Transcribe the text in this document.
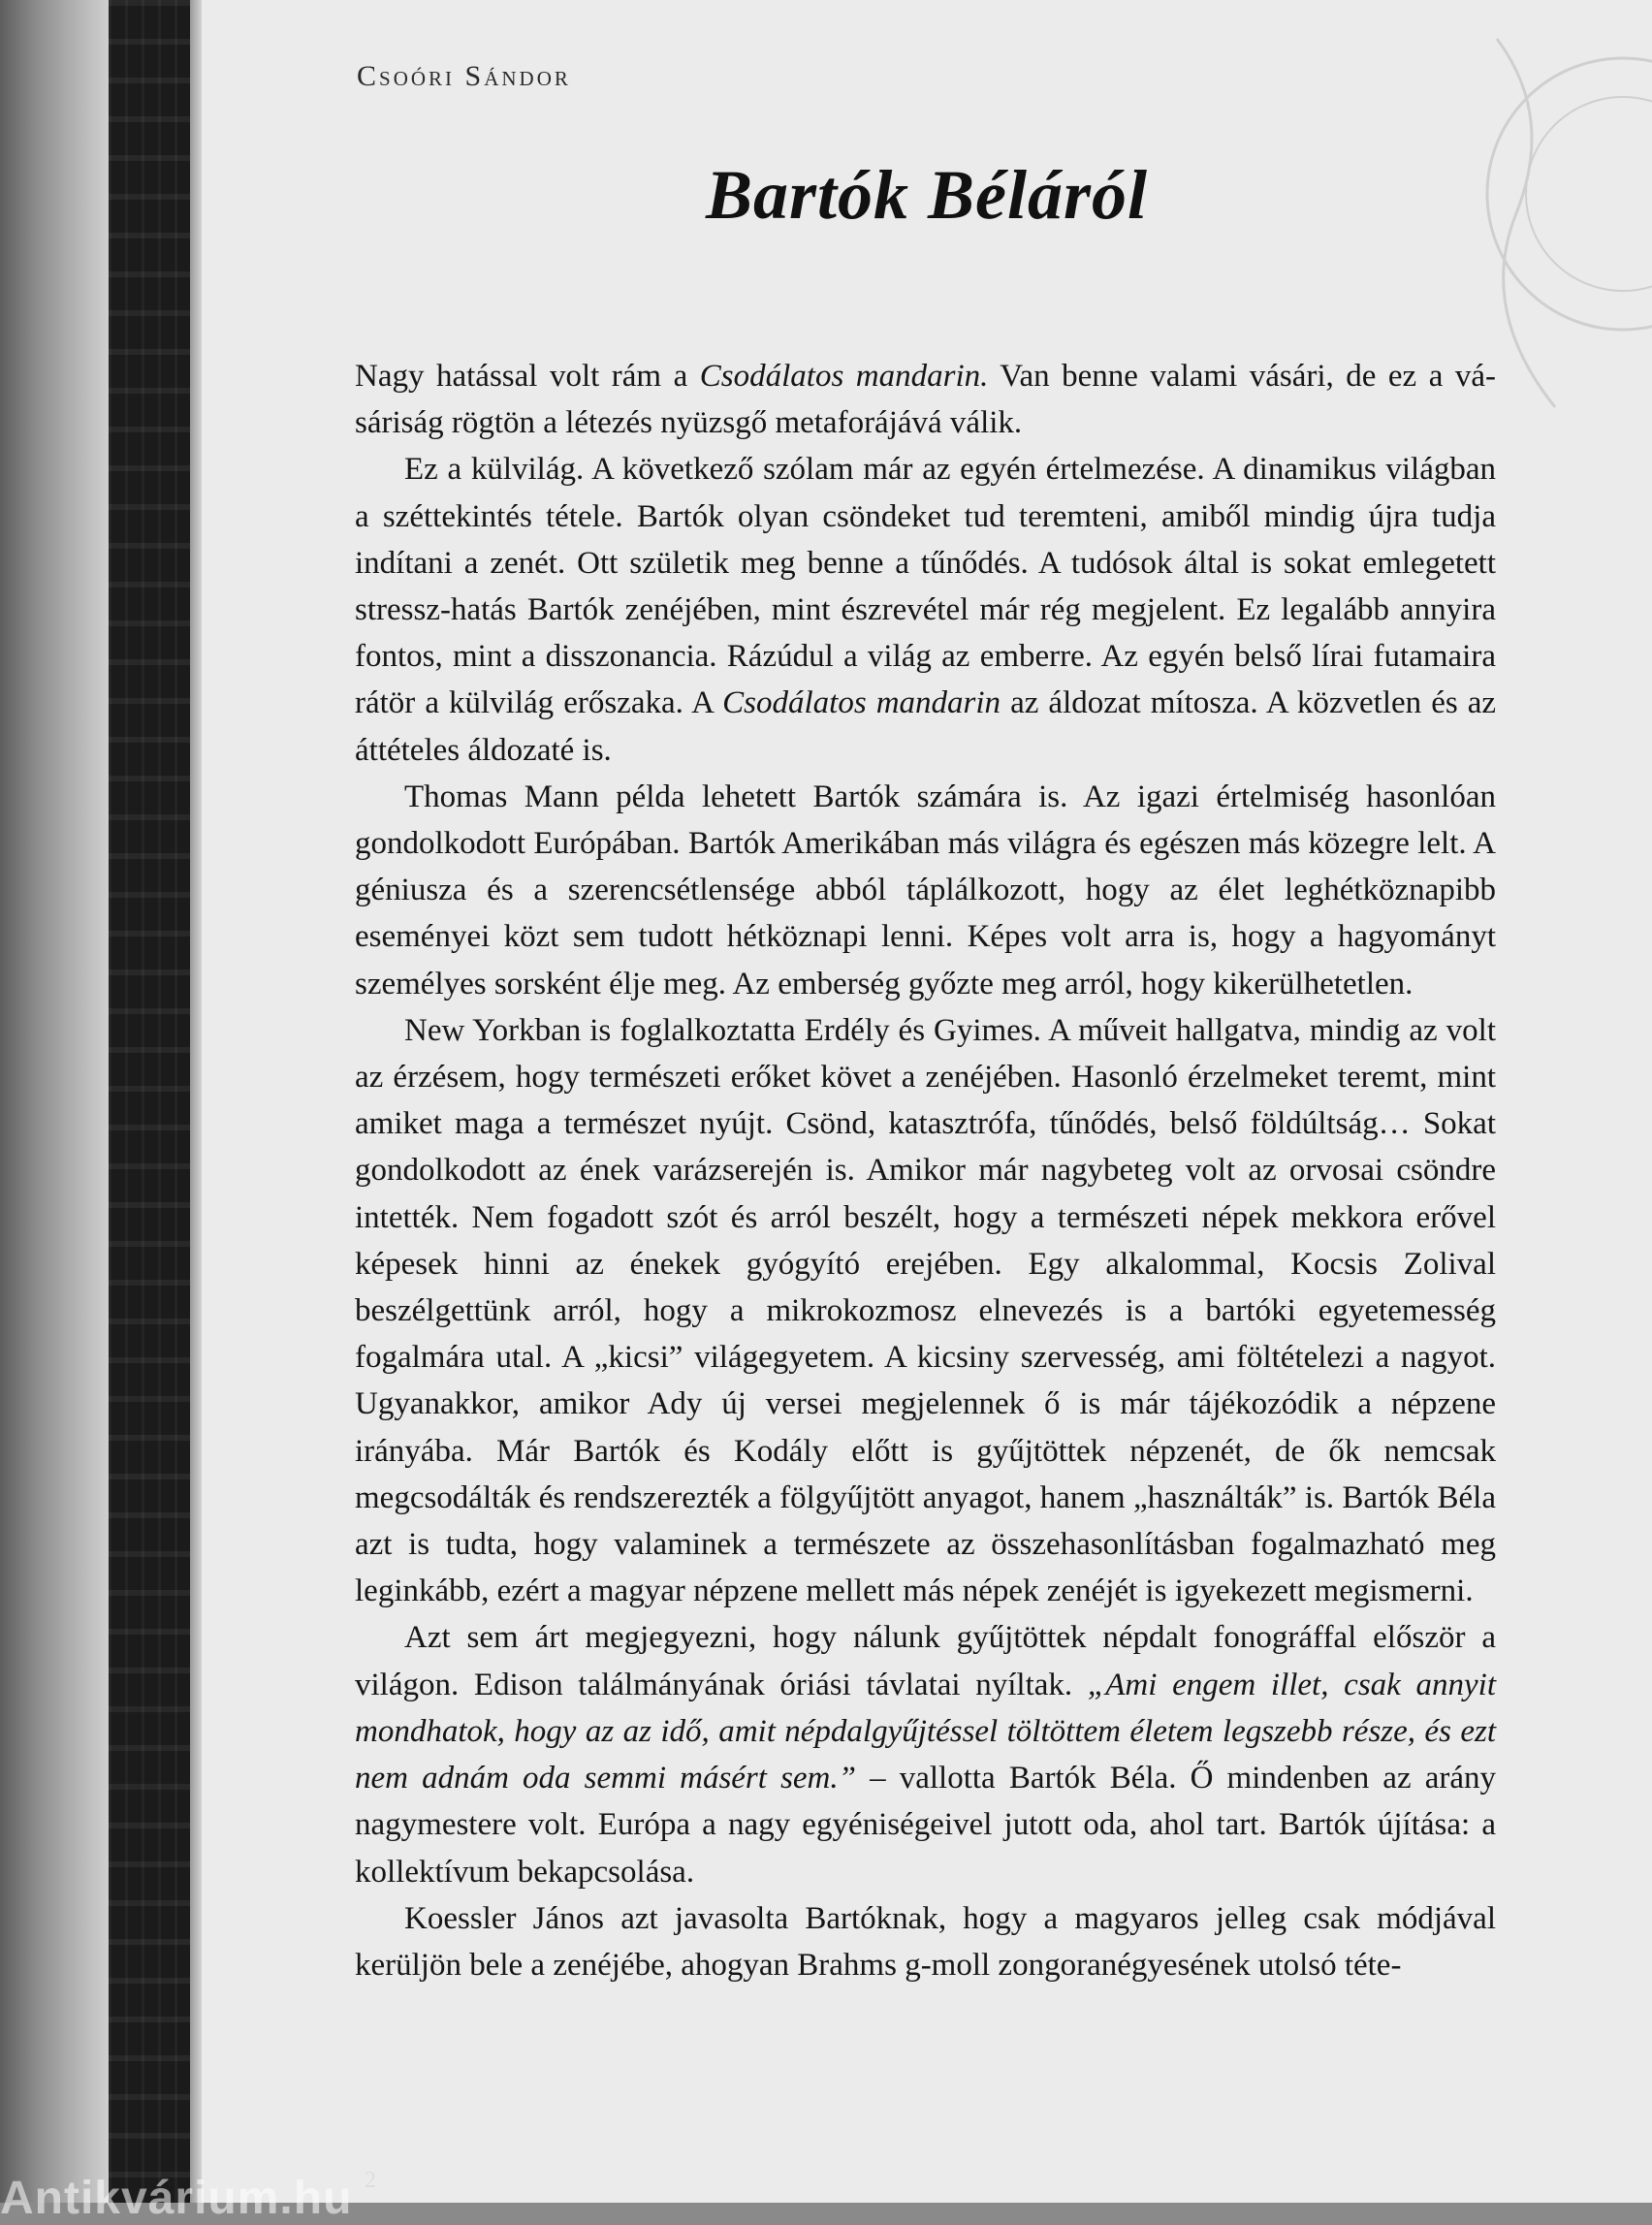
Csoóri Sándor
Bartók Béláról

Nagy hatással volt rám a Csodálatos mandarin. Van benne valami vásári, de ez a vásáriság rögtön a létezés nyüzsgő metaforájává válik.

Ez a külvilág. A következő szólam már az egyén értelmezése. A dinamikus világban a széttekintés tétele. Bartók olyan csöndeket tud teremteni, amiből mindig újra tudja indítani a zenét. Ott születik meg benne a tűnődés. A tudósok által is sokat emlegetett stressz-hatás Bartók zenéjében, mint észrevétel már rég megjelent. Ez legalább annyira fontos, mint a disszonancia. Rázúdul a világ az emberre. Az egyén belső lírai futamaira rátör a külvilág erőszaka. A Csodálatos mandarin az áldozat mítosza. A közvetlen és az áttételes áldozaté is.

Thomas Mann példa lehetett Bartók számára is. Az igazi értelmiség hasonlóan gondolkodott Európában. Bartók Amerikában más világra és egészen más közegre lelt. A géniusza és a szerencsétlensége abból táplálkozott, hogy az élet leghétköznapibb eseményei közt sem tudott hétköznapi lenni. Képes volt arra is, hogy a hagyományt személyes sorsként élje meg. Az emberség győzte meg arról, hogy kikerülhetetlen.

New Yorkban is foglalkoztatta Erdély és Gyimes. A műveit hallgatva, mindig az volt az érzésem, hogy természeti erőket követ a zenéjében. Hasonló érzelmeket teremt, mint amiket maga a természet nyújt. Csönd, katasztrófa, tűnődés, belső földúltság… Sokat gondolkodott az ének varázserején is. Amikor már nagybeteg volt az orvosai csöndre intették. Nem fogadott szót és arról beszélt, hogy a természeti népek mekkora erővel képesek hinni az énekek gyógyító erejében. Egy alkalommal, Kocsis Zolival beszélgettünk arról, hogy a mikrokozmosz elnevezés is a bartóki egyetemesség fogalmára utal. A „kicsi” világegyetem. A kicsiny szervesség, ami föltételezi a nagyot. Ugyanakkor, amikor Ady új versei megjelennek ő is már tájékozódik a népzene irányába. Már Bartók és Kodály előtt is gyűjtöttek népzenét, de ők nemcsak megcsodálták és rendszerezték a fölgyűjtött anyagot, hanem „használták” is. Bartók Béla azt is tudta, hogy valaminek a természete az összehasonlításban fogalmazható meg leginkább, ezért a magyar népzene mellett más népek zenéjét is igyekezett megismerni.

Azt sem árt megjegyezni, hogy nálunk gyűjtöttek népdalt fonográffal először a világon. Edison találmányának óriási távlatai nyíltak. „Ami engem illet, csak annyit mondhatok, hogy az az idő, amit népdalgyűjtéssel töltöttem életem legszebb része, és ezt nem adnám oda semmi másért sem.” – vallotta Bartók Béla. Ő mindenben az arány nagymestere volt. Európa a nagy egyéniségeivel jutott oda, ahol tart. Bartók újítása: a kollektívum bekapcsolása.

Koessler János azt javasolta Bartóknak, hogy a magyaros jelleg csak módjával kerüljön bele a zenéjébe, ahogyan Brahms g-moll zongoranégyesének utolsó téte-

2
Antikvárium.hu
